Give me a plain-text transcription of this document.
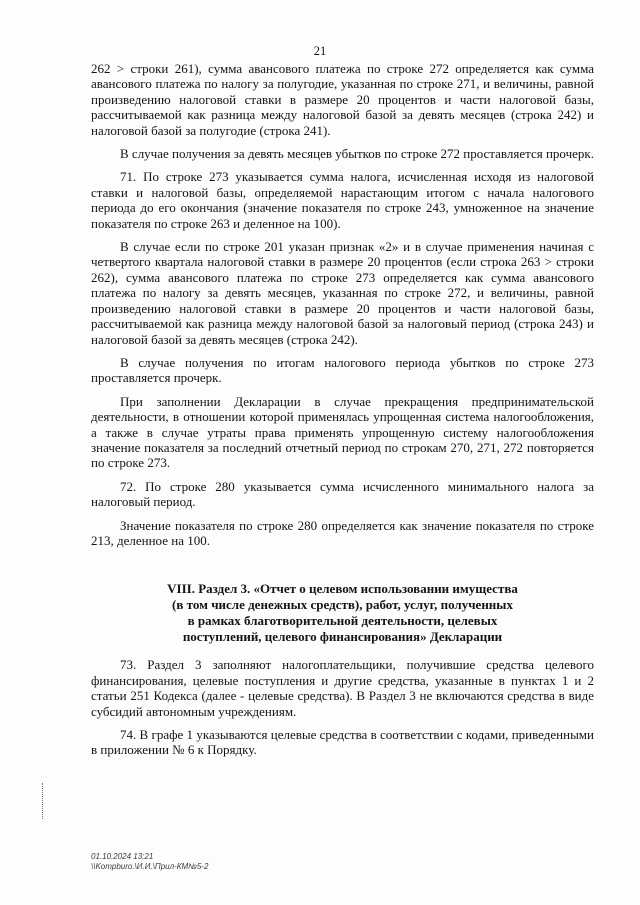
21

262 > строки 261), сумма авансового платежа по строке 272 определяется как сумма авансового платежа по налогу за полугодие, указанная по строке 271, и величины, равной произведению налоговой ставки в размере 20 процентов и части налоговой базы, рассчитываемой как разница между налоговой базой за девять месяцев (строка 242) и налоговой базой за полугодие (строка 241).

В случае получения за девять месяцев убытков по строке 272 проставляется прочерк.

71. По строке 273 указывается сумма налога, исчисленная исходя из налоговой ставки и налоговой базы, определяемой нарастающим итогом с начала налогового периода до его окончания (значение показателя по строке 243, умноженное на значение показателя по строке 263 и деленное на 100).

В случае если по строке 201 указан признак «2» и в случае применения начиная с четвертого квартала налоговой ставки в размере 20 процентов (если строка 263 > строки 262), сумма авансового платежа по строке 273 определяется как сумма авансового платежа по налогу за девять месяцев, указанная по строке 272, и величины, равной произведению налоговой ставки в размере 20 процентов и части налоговой базы, рассчитываемой как разница между налоговой базой за налоговый период (строка 243) и налоговой базой за девять месяцев (строка 242).

В случае получения по итогам налогового периода убытков по строке 273 проставляется прочерк.

При заполнении Декларации в случае прекращения предпринимательской деятельности, в отношении которой применялась упрощенная система налогообложения, а также в случае утраты права применять упрощенную систему налогообложения значение показателя за последний отчетный период по строкам 270, 271, 272 повторяется по строке 273.

72. По строке 280 указывается сумма исчисленного минимального налога за налоговый период.

Значение показателя по строке 280 определяется как значение показателя по строке 213, деленное на 100.

VIII. Раздел 3. «Отчет о целевом использовании имущества
(в том числе денежных средств), работ, услуг, полученных
в рамках благотворительной деятельности, целевых
поступлений, целевого финансирования» Декларации

73. Раздел 3 заполняют налогоплательщики, получившие средства целевого финансирования, целевые поступления и другие средства, указанные в пунктах 1 и 2 статьи 251 Кодекса (далее - целевые средства). В Раздел 3 не включаются средства в виде субсидий автономным учреждениям.

74. В графе 1 указываются целевые средства в соответствии с кодами, приведенными в приложении № 6 к Порядку.

01.10.2024 13:21
\\Kompburo.\И.И.\Прил-КМ№5-2
